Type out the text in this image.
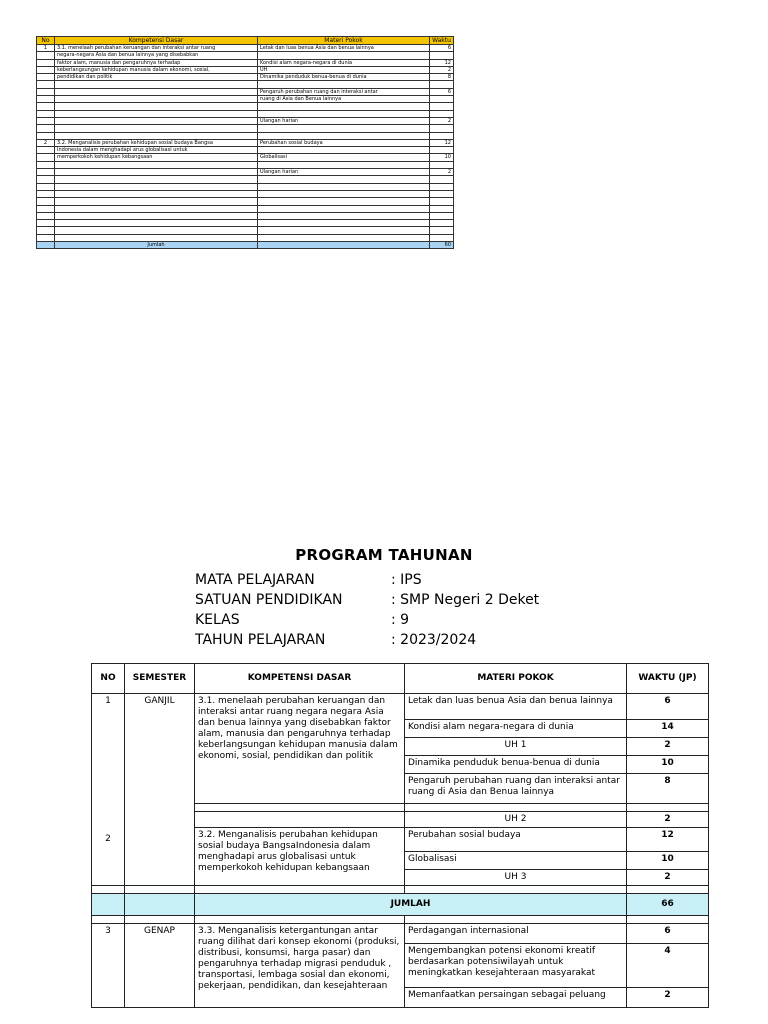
No	Kompetensi Dasar	Materi Pokok	Waktu
1	3.1. menelaah perubahan keruangan dan interaksi antar ruang	Letak dan luas benua Asia dan benua lainnya	6
	negara-negara Asia dan benua lainnya yang disebabkan		
	faktor alam, manusia dan pengaruhnya terhadap	Kondisi alam negara-negara di dunia	12
	keberlangsungan kehidupan manusia dalam ekonomi, sosial,	UH	2
	pendidikan dan politik	Dinamika penduduk benua-benua di dunia	8

		Pengaruh perubahan ruang dan interaksi antar	6
		ruang di Asia dan Benua lainnya	

		Ulangan harian	2

2	3.2. Menganalisis perubahan kehidupan sosial budaya Bangsa	Perubahan sosial budaya	12
	Indonesia dalam menghadapi arus globalisasi untuk		
	memperkokoh kehidupan kebangsaan	Globalisasi	10

		Ulangan harian	2

	Jumlah		60
PROGRAM TAHUNAN
MATA PELAJARAN	: IPS
SATUAN PENDIDIKAN	: SMP Negeri 2 Deket
KELAS	: 9
TAHUN PELAJARAN	: 2023/2024
NO	SEMESTER	KOMPETENSI DASAR	MATERI POKOK	WAKTU (JP)
1	GANJIL	3.1. menelaah perubahan keruangan dan interaksi antar ruang negara negara Asia dan benua lainnya yang disebabkan faktor alam, manusia dan pengaruhnya terhadap keberlangsungan kehidupan manusia dalam ekonomi, sosial, pendidikan dan politik	Letak dan luas benua Asia dan benua lainnya	6
			Kondisi alam negara-negara di dunia	14
			UH 1	2
			Dinamika penduduk benua-benua di dunia	10
			Pengaruh perubahan ruang dan interaksi antar ruang di Asia dan Benua lainnya	8

			UH 2	2
2		3.2. Menganalisis perubahan kehidupan sosial budaya BangsaIndonesia dalam menghadapi arus globalisasi untuk memperkokoh kehidupan kebangsaan	Perubahan sosial budaya	12
			Globalisasi	10
			UH 3	2

		JUMLAH		66

3	GENAP	3.3. Menganalisis ketergantungan antar ruang dilihat dari konsep ekonomi (produksi, distribusi, konsumsi, harga pasar) dan pengaruhnya terhadap migrasi penduduk , transportasi, lembaga sosial dan ekonomi, pekerjaan, pendidikan, dan kesejahteraan	Perdagangan internasional	6
			Mengembangkan potensi ekonomi kreatif berdasarkan potensiwilayah untuk meningkatkan kesejahteraan masyarakat	4
			Memanfaatkan persaingan sebagai peluang	2
